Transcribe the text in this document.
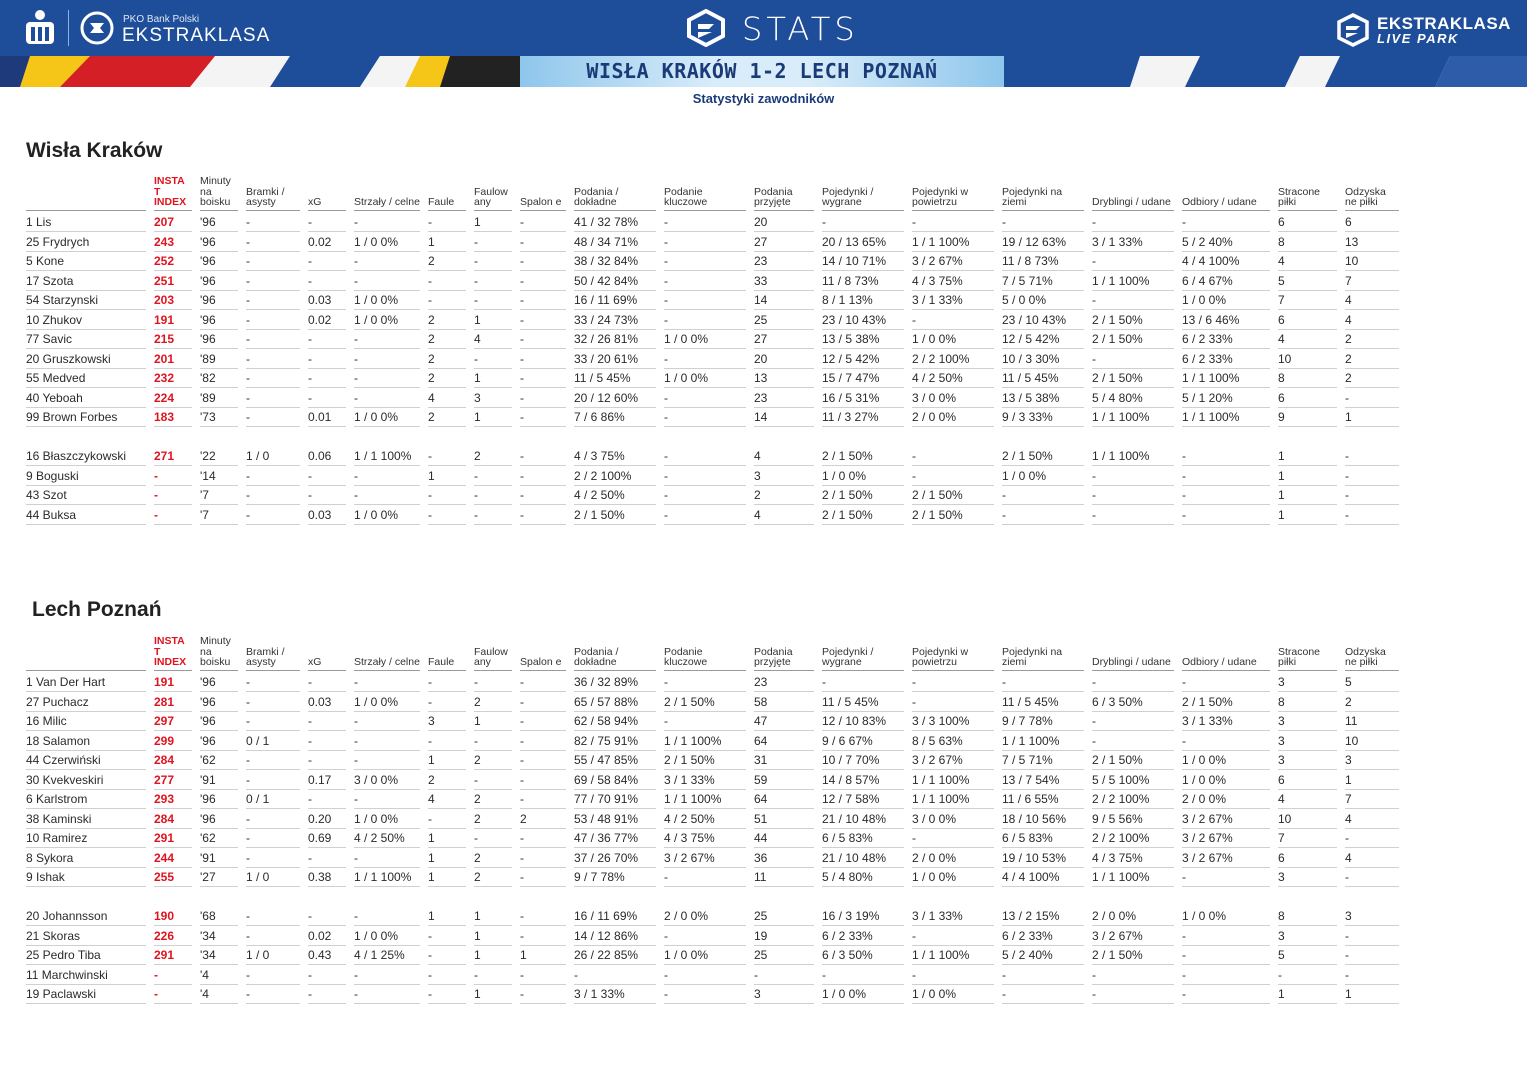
PKO Bank Polski
EKSTRAKLASA	STATS	EKSTRAKLASA
LIVE PARK
WISŁA KRAKÓW 1-2 LECH POZNAŃ
Statystyki zawodników
Wisła Kraków

	INSTA T INDEX	Minuty na boisku	Bramki / asysty	xG	Strzały / celne	Faule	Faulow any	Spalon e	Podania / dokładne	Podanie kluczowe	Podania przyjęte	Pojedynki / wygrane	Pojedynki w powietrzu	Pojedynki na ziemi	Dryblingi / udane	Odbiory / udane	Stracone piłki	Odzyska ne piłki

1 Lis	207	'96	-	-	-	-	1	-	41 / 32 78%	-	20	-	-	-	-	-	6	6

25 Frydrych	243	'96	-	0.02	1 / 0 0%	1	-	-	48 / 34 71%	-	27	20 / 13 65%	1 / 1 100%	19 / 12 63%	3 / 1 33%	5 / 2 40%	8	13

5 Kone	252	'96	-	-	-	2	-	-	38 / 32 84%	-	23	14 / 10 71%	3 / 2 67%	11 / 8 73%	-	4 / 4 100%	4	10

17 Szota	251	'96	-	-	-	-	-	-	50 / 42 84%	-	33	11 / 8 73%	4 / 3 75%	7 / 5 71%	1 / 1 100%	6 / 4 67%	5	7

54 Starzynski	203	'96	-	0.03	1 / 0 0%	-	-	-	16 / 11 69%	-	14	8 / 1 13%	3 / 1 33%	5 / 0 0%	-	1 / 0 0%	7	4

10 Zhukov	191	'96	-	0.02	1 / 0 0%	2	1	-	33 / 24 73%	-	25	23 / 10 43%	-	23 / 10 43%	2 / 1 50%	13 / 6 46%	6	4

77 Savic	215	'96	-	-	-	2	4	-	32 / 26 81%	1 / 0 0%	27	13 / 5 38%	1 / 0 0%	12 / 5 42%	2 / 1 50%	6 / 2 33%	4	2

20 Gruszkowski	201	'89	-	-	-	2	-	-	33 / 20 61%	-	20	12 / 5 42%	2 / 2 100%	10 / 3 30%	-	6 / 2 33%	10	2

55 Medved	232	'82	-	-	-	2	1	-	11 / 5 45%	1 / 0 0%	13	15 / 7 47%	4 / 2 50%	11 / 5 45%	2 / 1 50%	1 / 1 100%	8	2

40 Yeboah	224	'89	-	-	-	4	3	-	20 / 12 60%	-	23	16 / 5 31%	3 / 0 0%	13 / 5 38%	5 / 4 80%	5 / 1 20%	6	-

99 Brown Forbes	183	'73	-	0.01	1 / 0 0%	2	1	-	7 / 6 86%	-	14	11 / 3 27%	2 / 0 0%	9 / 3 33%	1 / 1 100%	1 / 1 100%	9	1

16 Błaszczykowski	271	'22	1 / 0	0.06	1 / 1 100%	-	2	-	4 / 3 75%	-	4	2 / 1 50%	-	2 / 1 50%	1 / 1 100%	-	1	-

9 Boguski	-	'14	-	-	-	1	-	-	2 / 2 100%	-	3	1 / 0 0%	-	1 / 0 0%	-	-	1	-

43 Szot	-	'7	-	-	-	-	-	-	4 / 2 50%	-	2	2 / 1 50%	2 / 1 50%	-	-	-	1	-

44 Buksa	-	'7	-	0.03	1 / 0 0%	-	-	-	2 / 1 50%	-	4	2 / 1 50%	2 / 1 50%	-	-	-	1	-
Lech Poznań

	INSTA T INDEX	Minuty na boisku	Bramki / asysty	xG	Strzały / celne	Faule	Faulow any	Spalon e	Podania / dokładne	Podanie kluczowe	Podania przyjęte	Pojedynki / wygrane	Pojedynki w powietrzu	Pojedynki na ziemi	Dryblingi / udane	Odbiory / udane	Stracone piłki	Odzyska ne piłki

1 Van Der Hart	191	'96	-	-	-	-	-	-	36 / 32 89%	-	23	-	-	-	-	-	3	5

27 Puchacz	281	'96	-	0.03	1 / 0 0%	-	2	-	65 / 57 88%	2 / 1 50%	58	11 / 5 45%	-	11 / 5 45%	6 / 3 50%	2 / 1 50%	8	2

16 Milic	297	'96	-	-	-	3	1	-	62 / 58 94%	-	47	12 / 10 83%	3 / 3 100%	9 / 7 78%	-	3 / 1 33%	3	11

18 Salamon	299	'96	0 / 1	-	-	-	-	-	82 / 75 91%	1 / 1 100%	64	9 / 6 67%	8 / 5 63%	1 / 1 100%	-	-	3	10

44 Czerwiński	284	'62	-	-	-	1	2	-	55 / 47 85%	2 / 1 50%	31	10 / 7 70%	3 / 2 67%	7 / 5 71%	2 / 1 50%	1 / 0 0%	3	3

30 Kvekveskiri	277	'91	-	0.17	3 / 0 0%	2	-	-	69 / 58 84%	3 / 1 33%	59	14 / 8 57%	1 / 1 100%	13 / 7 54%	5 / 5 100%	1 / 0 0%	6	1

6 Karlstrom	293	'96	0 / 1	-	-	4	2	-	77 / 70 91%	1 / 1 100%	64	12 / 7 58%	1 / 1 100%	11 / 6 55%	2 / 2 100%	2 / 0 0%	4	7

38 Kaminski	284	'96	-	0.20	1 / 0 0%	-	2	2	53 / 48 91%	4 / 2 50%	51	21 / 10 48%	3 / 0 0%	18 / 10 56%	9 / 5 56%	3 / 2 67%	10	4

10 Ramirez	291	'62	-	0.69	4 / 2 50%	1	-	-	47 / 36 77%	4 / 3 75%	44	6 / 5 83%	-	6 / 5 83%	2 / 2 100%	3 / 2 67%	7	-

8 Sykora	244	'91	-	-	-	1	2	-	37 / 26 70%	3 / 2 67%	36	21 / 10 48%	2 / 0 0%	19 / 10 53%	4 / 3 75%	3 / 2 67%	6	4

9 Ishak	255	'27	1 / 0	0.38	1 / 1 100%	1	2	-	9 / 7 78%	-	11	5 / 4 80%	1 / 0 0%	4 / 4 100%	1 / 1 100%	-	3	-

20 Johannsson	190	'68	-	-	-	1	1	-	16 / 11 69%	2 / 0 0%	25	16 / 3 19%	3 / 1 33%	13 / 2 15%	2 / 0 0%	1 / 0 0%	8	3

21 Skoras	226	'34	-	0.02	1 / 0 0%	-	1	-	14 / 12 86%	-	19	6 / 2 33%	-	6 / 2 33%	3 / 2 67%	-	3	-

25 Pedro Tiba	291	'34	1 / 0	0.43	4 / 1 25%	-	1	1	26 / 22 85%	1 / 0 0%	25	6 / 3 50%	1 / 1 100%	5 / 2 40%	2 / 1 50%	-	5	-

11 Marchwinski	-	'4	-	-	-	-	-	-	-	-	-	-	-	-	-	-	-	-

19 Paclawski	-	'4	-	-	-	-	1	-	3 / 1 33%	-	3	1 / 0 0%	1 / 0 0%	-	-	-	1	1
